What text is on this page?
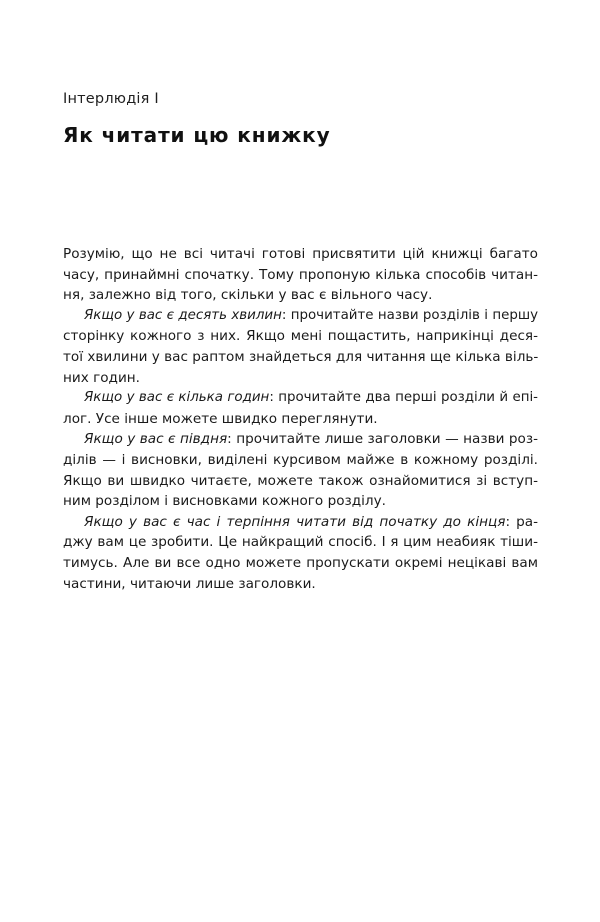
Інтерлюдія I
Як читати цю книжку
Розумію, що не всі читачі готові присвятити цій книжці багато
часу, принаймні спочатку. Тому пропоную кілька способів читан-
ня, залежно від того, скільки у вас є вільного часу.
Якщо у вас є десять хвилин: прочитайте назви розділів і першу
сторінку кожного з них. Якщо мені пощастить, наприкінці деся-
тої хвилини у вас раптом знайдеться для читання ще кілька віль-
них годин.
Якщо у вас є кілька годин: прочитайте два перші розділи й епі-
лог. Усе інше можете швидко переглянути.
Якщо у вас є півдня: прочитайте лише заголовки — назви роз-
ділів — і висновки, виділені курсивом майже в кожному розділі.
Якщо ви швидко читаєте, можете також ознайомитися зі вступ-
ним розділом і висновками кожного розділу.
Якщо у вас є час і терпіння читати від початку до кінця: ра-
джу вам це зробити. Це найкращий спосіб. І я цим неабияк тіши-
тимусь. Але ви все одно можете пропускати окремі нецікаві вам
частини, читаючи лише заголовки.
